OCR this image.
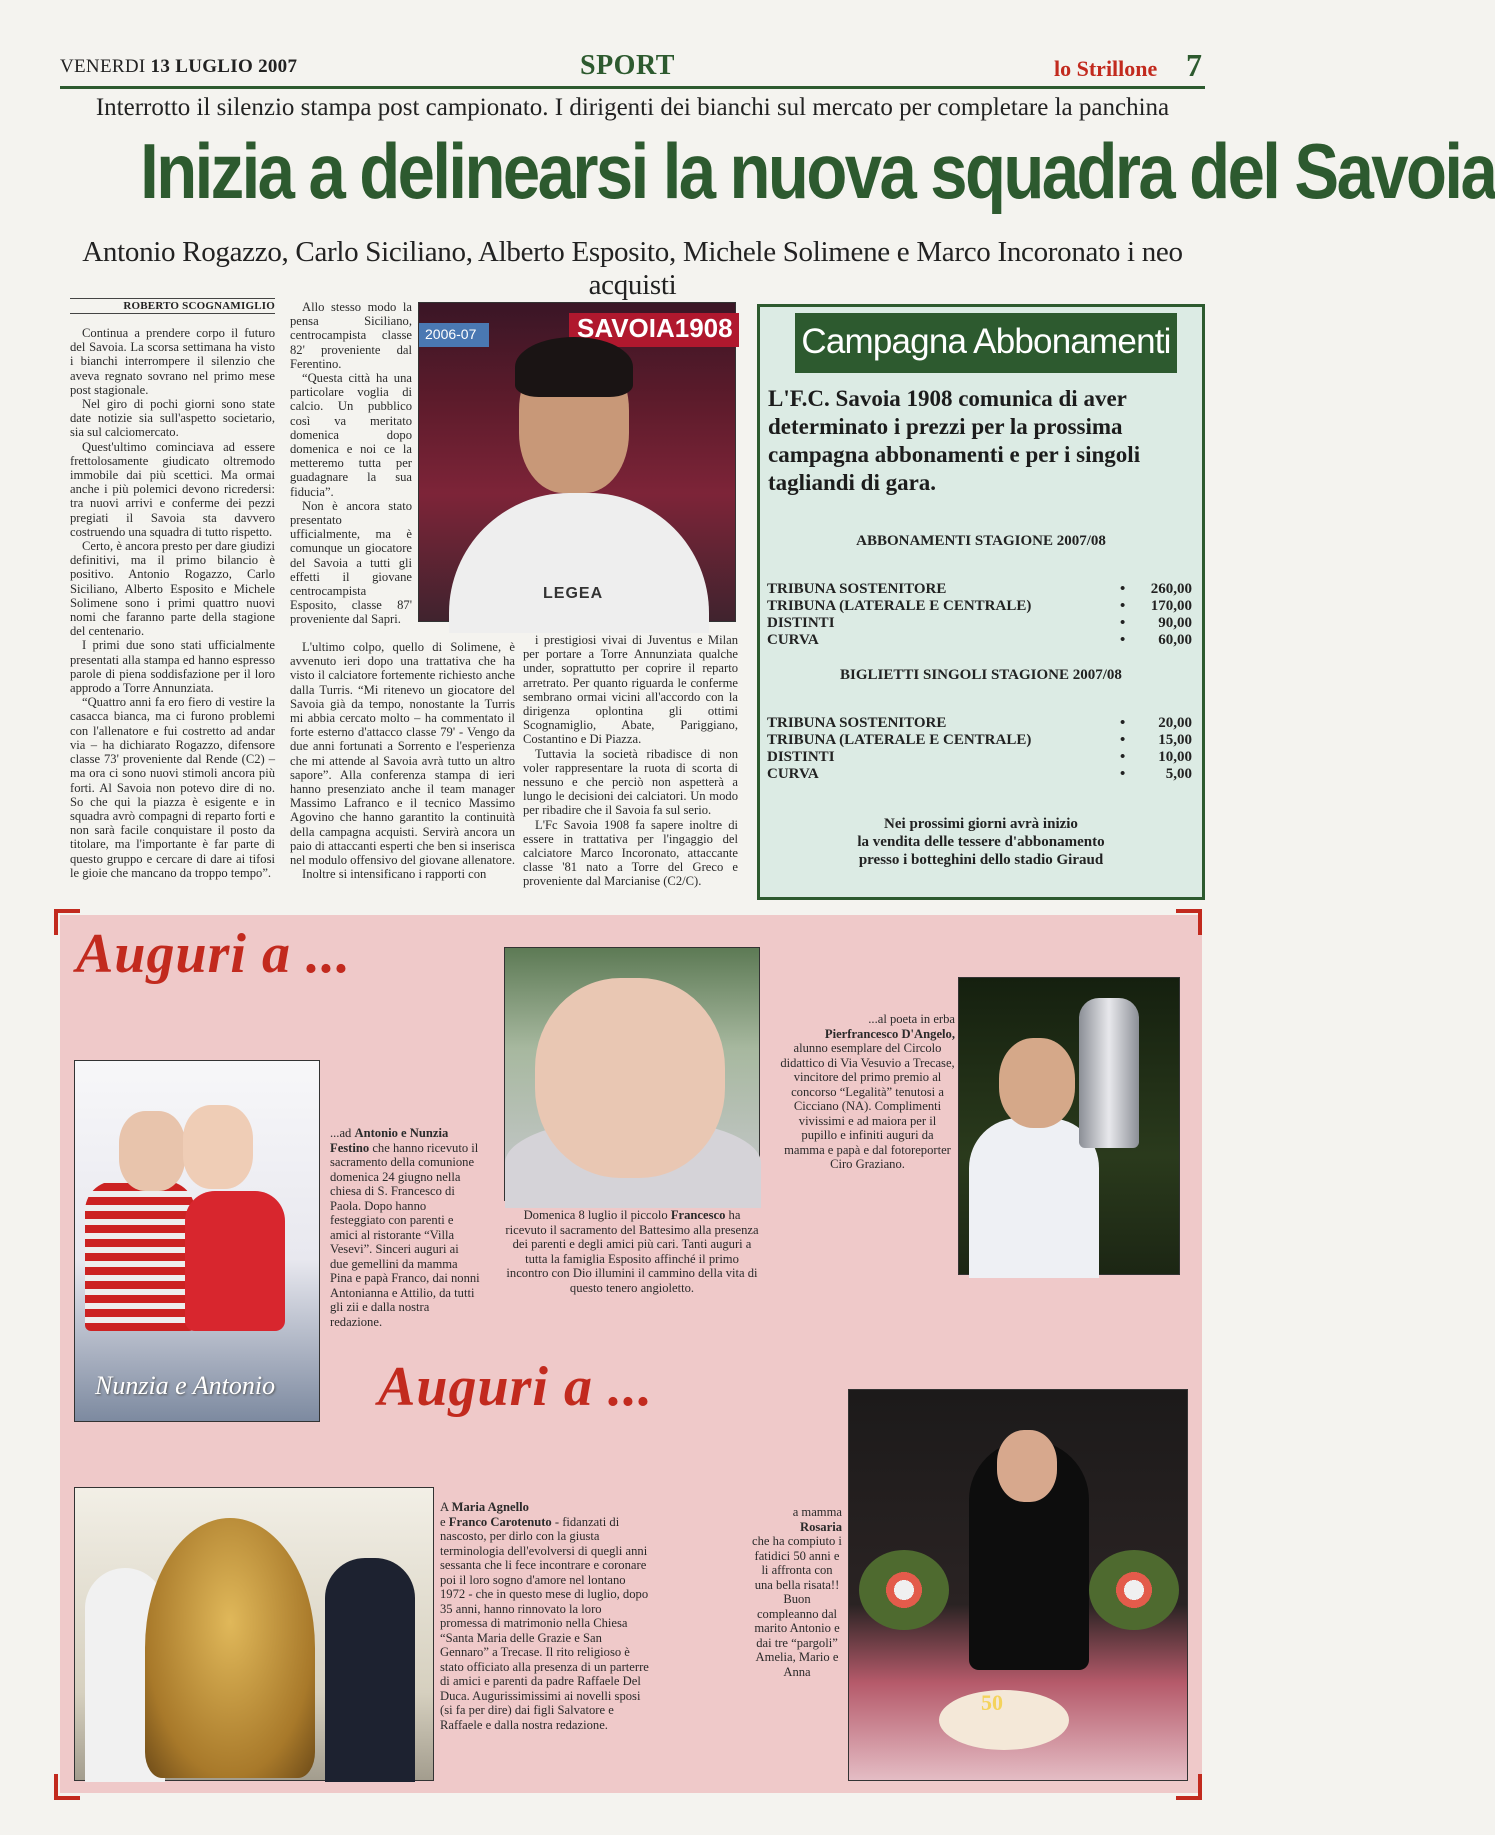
VENERDI 13 LUGLIO 2007	SPORT	lo Strillone 7
Interrotto il silenzio stampa post campionato. I dirigenti dei bianchi sul mercato per completare la panchina
Inizia a delinearsi la nuova squadra del Savoia
Antonio Rogazzo, Carlo Siciliano, Alberto Esposito, Michele Solimene e Marco Incoronato i neo acquisti
ROBERTO SCOGNAMIGLIO

Continua a prendere corpo il futuro del Savoia. La scorsa settimana ha visto i bianchi interrompere il silenzio che aveva regnato sovrano nel primo mese post stagionale.

Nel giro di pochi giorni sono state date notizie sia sull'aspetto societario, sia sul calciomercato.

Quest'ultimo cominciava ad essere frettolosamente giudicato oltremodo immobile dai più scettici. Ma ormai anche i più polemici devono ricredersi: tra nuovi arrivi e conferme dei pezzi pregiati il Savoia sta davvero costruendo una squadra di tutto rispetto.

Certo, è ancora presto per dare giudizi definitivi, ma il primo bilancio è positivo. Antonio Rogazzo, Carlo Siciliano, Alberto Esposito e Michele Solimene sono i primi quattro nuovi nomi che faranno parte della stagione del centenario.

I primi due sono stati ufficialmente presentati alla stampa ed hanno espresso parole di piena soddisfazione per il loro approdo a Torre Annunziata.

“Quattro anni fa ero fiero di vestire la casacca bianca, ma ci furono problemi con l'allenatore e fui costretto ad andar via – ha dichiarato Rogazzo, difensore classe 73' proveniente dal Rende (C2) – ma ora ci sono nuovi stimoli ancora più forti. Al Savoia non potevo dire di no. So che qui la piazza è esigente e in squadra avrò compagni di reparto forti e non sarà facile conquistare il posto da titolare, ma l'importante è far parte di questo gruppo e cercare di dare ai tifosi le gioie che mancano da troppo tempo”.

Allo stesso modo la pensa Siciliano, centrocampista classe 82' proveniente dal Ferentino.

“Questa città ha una particolare voglia di calcio. Un pubblico così va meritato domenica dopo domenica e noi ce la metteremo tutta per guadagnare la sua fiducia”.

Non è ancora stato presentato ufficialmente, ma è comunque un giocatore del Savoia a tutti gli effetti il giovane centrocampista Esposito, classe 87' proveniente dal Sapri.

L'ultimo colpo, quello di Solimene, è avvenuto ieri dopo una trattativa che ha visto il calciatore fortemente richiesto anche dalla Turris. “Mi ritenevo un giocatore del Savoia già da tempo, nonostante la Turris mi abbia cercato molto – ha commentato il forte esterno d'attacco classe 79' - Vengo da due anni fortunati a Sorrento e l'esperienza che mi attende al Savoia avrà tutto un altro sapore”. Alla conferenza stampa di ieri hanno presenziato anche il team manager Massimo Lafranco e il tecnico Massimo Agovino che hanno garantito la continuità della campagna acquisti. Servirà ancora un paio di attaccanti esperti che ben si inserisca nel modulo offensivo del giovane allenatore.

Inoltre si intensificano i rapporti con

i prestigiosi vivai di Juventus e Milan per portare a Torre Annunziata qualche under, soprattutto per coprire il reparto arretrato. Per quanto riguarda le conferme sembrano ormai vicini all'accordo con la dirigenza oplontina gli ottimi Scognamiglio, Abate, Pariggiano, Costantino e Di Piazza.

Tuttavia la società ribadisce di non voler rappresentare la ruota di scorta di nessuno e che perciò non aspetterà a lungo le decisioni dei calciatori. Un modo per ribadire che il Savoia fa sul serio.

L'Fc Savoia 1908 fa sapere inoltre di essere in trattativa per l'ingaggio del calciatore Marco Incoronato, attaccante classe '81 nato a Torre del Greco e proveniente dal Marcianise (C2/C).

2006-07	SAVOIA1908
LEGEA
Campagna Abbonamenti
L'F.C. Savoia 1908 comunica di aver determinato i prezzi per la prossima campagna abbonamenti e per i singoli tagliandi di gara.
ABBONAMENTI STAGIONE 2007/08
TRIBUNA SOSTENITORE	• 260,00
TRIBUNA (LATERALE E CENTRALE)	• 170,00
DISTINTI	• 90,00
CURVA	• 60,00
BIGLIETTI SINGOLI STAGIONE 2007/08
TRIBUNA SOSTENITORE	• 20,00
TRIBUNA (LATERALE E CENTRALE)	• 15,00
DISTINTI	• 10,00
CURVA	•	5,00
Nei prossimi giorni avrà inizio
la vendita delle tessere d'abbonamento
presso i botteghini dello stadio Giraud
Auguri a ...
Auguri a ...
Nunzia e Antonio
...ad Antonio e Nunzia Festino che hanno ricevuto il sacramento della comunione domenica 24 giugno nella chiesa di S. Francesco di Paola. Dopo hanno festeggiato con parenti e amici al ristorante “Villa Vesevi”. Sinceri auguri ai due gemellini da mamma Pina e papà Franco, dai nonni Antonianna e Attilio, da tutti gli zii e dalla nostra redazione.
Domenica 8 luglio il piccolo Francesco ha ricevuto il sacramento del Battesimo alla presenza dei parenti e degli amici più cari. Tanti auguri a tutta la famiglia Esposito affinché il primo incontro con Dio illumini il cammino della vita di questo tenero angioletto.
...al poeta in erba
Pierfrancesco D'Angelo,
alunno esemplare del Circolo didattico di Via Vesuvio a Trecase, vincitore del primo premio al concorso “Legalità” tenutosi a Cicciano (NA). Complimenti vivissimi e ad maiora per il pupillo e infiniti auguri da mamma e papà e dal fotoreporter Ciro Graziano.
A Maria Agnello
e Franco Carotenuto - fidanzati di nascosto, per dirlo con la giusta terminologia dell'evolversi di quegli anni sessanta che li fece incontrare e coronare poi il loro sogno d'amore nel lontano 1972 - che in questo mese di luglio, dopo 35 anni, hanno rinnovato la loro promessa di matrimonio nella Chiesa “Santa Maria delle Grazie e San Gennaro” a Trecase. Il rito religioso è stato officiato alla presenza di un parterre di amici e parenti da padre Raffaele Del Duca. Augurissimissimi ai novelli sposi (si fa per dire) dai figli Salvatore e Raffaele e dalla nostra redazione.
a mamma
Rosaria
che ha compiuto i fatidici 50 anni e li affronta con una bella risata!! Buon compleanno dal marito Antonio e dai tre “pargoli” Amelia, Mario e Anna
50
